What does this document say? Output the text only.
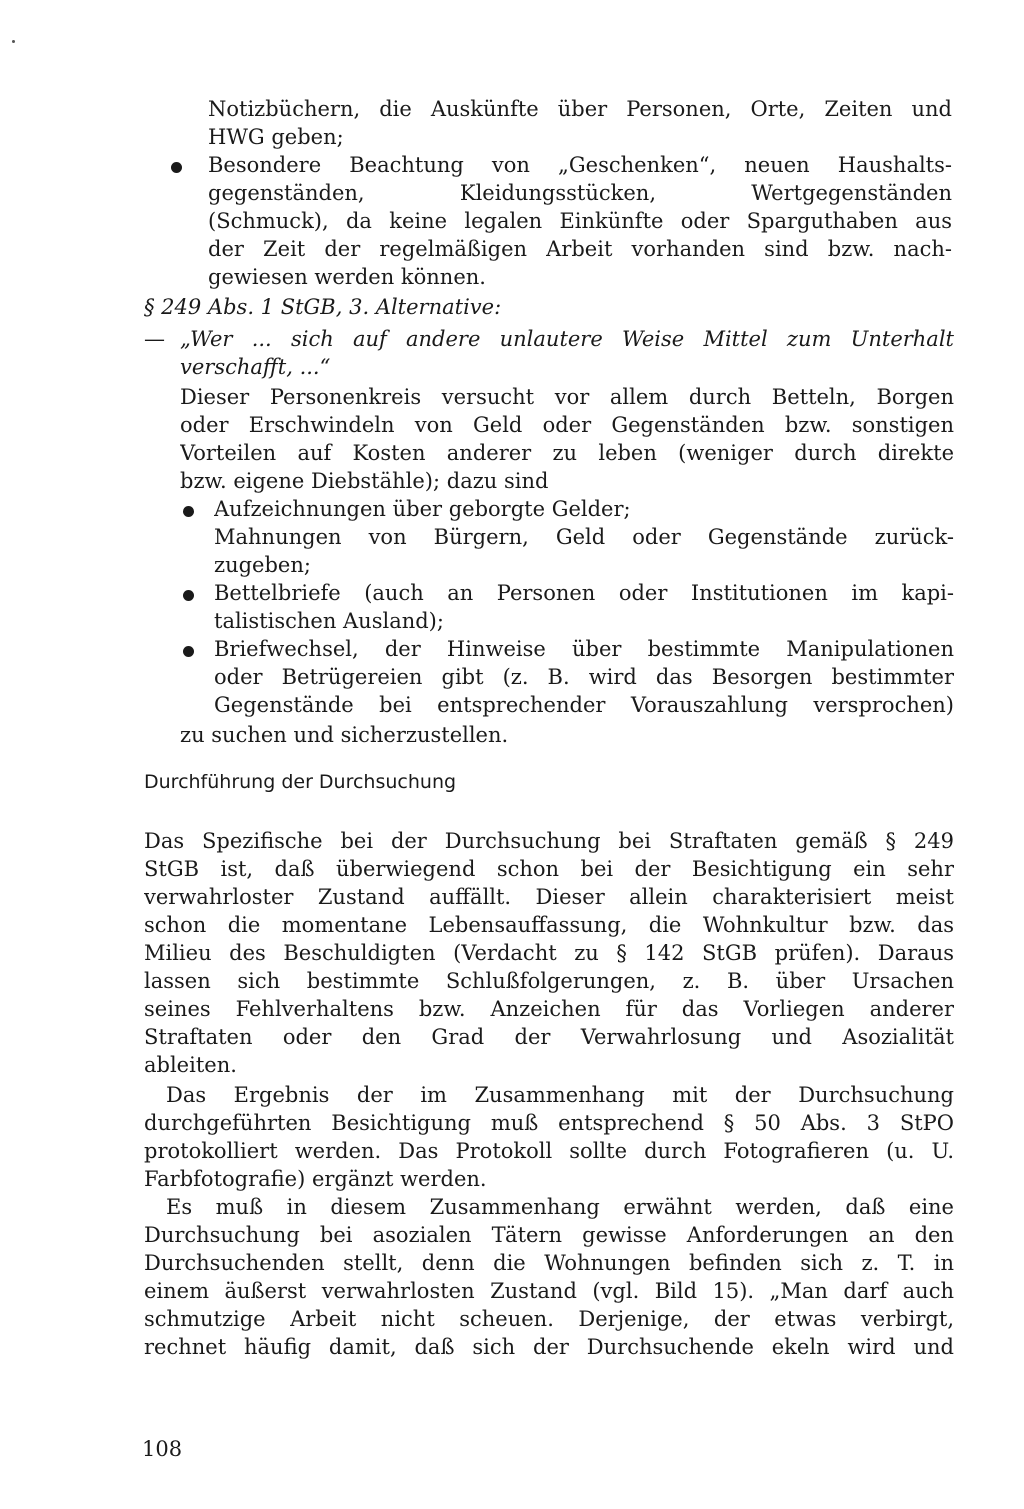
Notizbüchern, die Auskünfte über Personen, Orte, Zeiten und
HWG geben;
Besondere Beachtung von „Geschenken“, neuen Haushalts-
gegenständen, Kleidungsstücken, Wertgegenständen
(Schmuck), da keine legalen Einkünfte oder Sparguthaben aus
der Zeit der regelmäßigen Arbeit vorhanden sind bzw. nach-
gewiesen werden können.
§ 249 Abs. 1 StGB, 3. Alternative:
— „Wer ... sich auf andere unlautere Weise Mittel zum Unterhalt
verschafft, ...“
Dieser Personenkreis versucht vor allem durch Betteln, Borgen
oder Erschwindeln von Geld oder Gegenständen bzw. sonstigen
Vorteilen auf Kosten anderer zu leben (weniger durch direkte
bzw. eigene Diebstähle); dazu sind
Aufzeichnungen über geborgte Gelder;
Mahnungen von Bürgern, Geld oder Gegenstände zurück-
zugeben;
Bettelbriefe (auch an Personen oder Institutionen im kapi-
talistischen Ausland);
Briefwechsel, der Hinweise über bestimmte Manipulationen
oder Betrügereien gibt (z. B. wird das Besorgen bestimmter
Gegenstände bei entsprechender Vorauszahlung versprochen)
zu suchen und sicherzustellen.
Durchführung der Durchsuchung
Das Spezifische bei der Durchsuchung bei Straftaten gemäß § 249
StGB ist, daß überwiegend schon bei der Besichtigung ein sehr
verwahrloster Zustand auffällt. Dieser allein charakterisiert meist
schon die momentane Lebensauffassung, die Wohnkultur bzw. das
Milieu des Beschuldigten (Verdacht zu § 142 StGB prüfen). Daraus
lassen sich bestimmte Schlußfolgerungen, z. B. über Ursachen
seines Fehlverhaltens bzw. Anzeichen für das Vorliegen anderer
Straftaten oder den Grad der Verwahrlosung und Asozialität
ableiten.
Das Ergebnis der im Zusammenhang mit der Durchsuchung
durchgeführten Besichtigung muß entsprechend § 50 Abs. 3 StPO
protokolliert werden. Das Protokoll sollte durch Fotografieren (u. U.
Farbfotografie) ergänzt werden.
Es muß in diesem Zusammenhang erwähnt werden, daß eine
Durchsuchung bei asozialen Tätern gewisse Anforderungen an den
Durchsuchenden stellt, denn die Wohnungen befinden sich z. T. in
einem äußerst verwahrlosten Zustand (vgl. Bild 15). „Man darf auch
schmutzige Arbeit nicht scheuen. Derjenige, der etwas verbirgt,
rechnet häufig damit, daß sich der Durchsuchende ekeln wird und
108
